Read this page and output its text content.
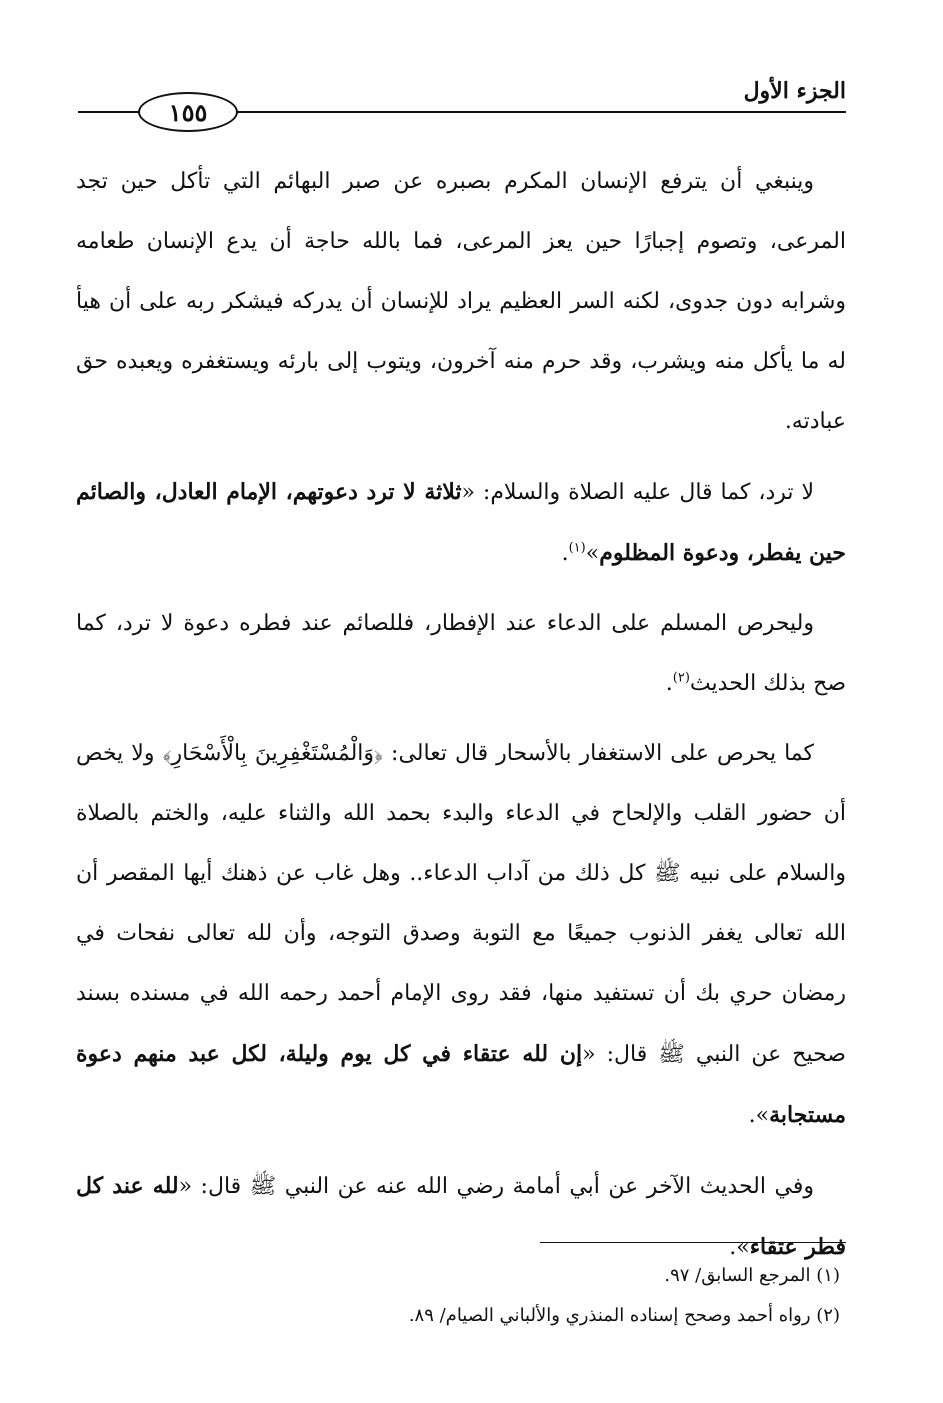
الجزء الأول
١٥٥

وينبغي أن يترفع الإنسان المكرم بصبره عن صبر البهائم التي تأكل حين تجد المرعى، وتصوم إجبارًا حين يعز المرعى، فما بالله حاجة أن يدع الإنسان طعامه وشرابه دون جدوى، لكنه السر العظيم يراد للإنسان أن يدركه فيشكر ربه على أن هيأ له ما يأكل منه ويشرب، وقد حرم منه آخرون، ويتوب إلى بارئه ويستغفره ويعبده حق عبادته.

لا ترد، كما قال عليه الصلاة والسلام: «ثلاثة لا ترد دعوتهم، الإمام العادل، والصائم حين يفطر، ودعوة المظلوم»$^{(١)}$.

وليحرص المسلم على الدعاء عند الإفطار، فللصائم عند فطره دعوة لا ترد، كما صح بذلك الحديث$^{(٢)}$.

كما يحرص على الاستغفار بالأسحار قال تعالى: ﴿وَالْمُسْتَغْفِرِينَ بِالْأَسْحَارِ﴾ ولا يخص أن حضور القلب والإلحاح في الدعاء والبدء بحمد الله والثناء عليه، والختم بالصلاة والسلام على نبيه ﷺ كل ذلك من آداب الدعاء.. وهل غاب عن ذهنك أيها المقصر أن الله تعالى يغفر الذنوب جميعًا مع التوبة وصدق التوجه، وأن لله تعالى نفحات في رمضان حري بك أن تستفيد منها، فقد روى الإمام أحمد رحمه الله في مسنده بسند صحيح عن النبي ﷺ قال: «إن لله عتقاء في كل يوم وليلة، لكل عبد منهم دعوة مستجابة».

وفي الحديث الآخر عن أبي أمامة رضي الله عنه عن النبي ﷺ قال: «لله عند كل فطر عتقاء».

(١) المرجع السابق/ ٩٧.
(٢) رواه أحمد وصحح إسناده المنذري والألباني الصيام/ ٨٩.
